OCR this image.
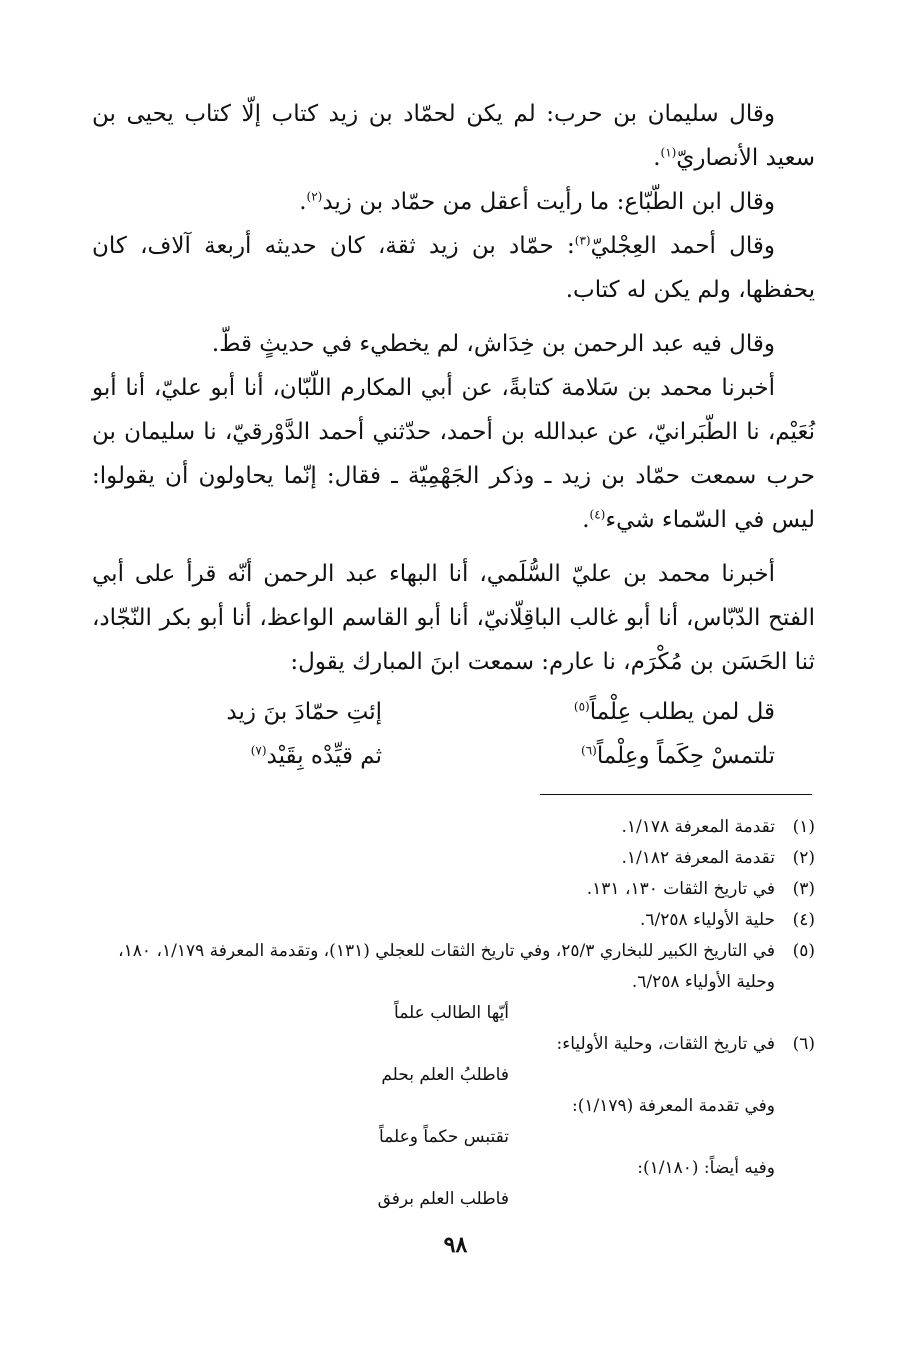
وقال سليمان بن حرب: لم يكن لحمّاد بن زيد كتاب إلّا كتاب يحيى بن سعيد الأنصاريّ$^{(١)}$.

وقال ابن الطّبّاع: ما رأيت أعقل من حمّاد بن زيد$^{(٢)}$.

وقال أحمد العِجْليّ$^{(٣)}$: حمّاد بن زيد ثقة، كان حديثه أربعة آلاف، كان يحفظها، ولم يكن له كتاب.

وقال فيه عبد الرحمن بن خِدَاش، لم يخطيء في حديثٍ قطّ.

أخبرنا محمد بن سَلامة كتابةً، عن أبي المكارم اللّبّان، أنا أبو عليّ، أنا أبو نُعَيْم، نا الطّبَرانيّ، عن عبدالله بن أحمد، حدّثني أحمد الدَّوْرقيّ، نا سليمان بن حرب سمعت حمّاد بن زيد ـ وذكر الجَهْمِيّة ـ فقال: إنّما يحاولون أن يقولوا: ليس في السّماء شيء$^{(٤)}$.

أخبرنا محمد بن عليّ السُّلَمي، أنا البهاء عبد الرحمن أنّه قرأ على أبي الفتح الدّبّاس، أنا أبو غالب الباقِلّانيّ، أنا أبو القاسم الواعظ، أنا أبو بكر النّجّاد، ثنا الحَسَن بن مُكْرَم، نا عارم: سمعت ابنَ المبارك يقول:

قل لمن يطلب عِلْماً$^{(٥)}$
إئتِ حمّادَ بنَ زيد
تلتمسْ حِكَماً وعِلْماً$^{(٦)}$
ثم قيِّدْه بِقَيْد$^{(٧)}$
(١)
تقدمة المعرفة ١/١٧٨.
(٢)
تقدمة المعرفة ١/١٨٢.
(٣)
في تاريخ الثقات ١٣٠، ١٣١.
(٤)
حلية الأولياء ٦/٢٥٨.
(٥)
في التاريخ الكبير للبخاري ٢٥/٣، وفي تاريخ الثقات للعجلي (١٣١)، وتقدمة المعرفة ١/١٧٩، ١٨٠، وحلية الأولياء ٦/٢٥٨.
أيّها الطالب علماً
(٦)
في تاريخ الثقات، وحلية الأولياء:
فاطلبُ العلم بحلم
وفي تقدمة المعرفة (١/١٧٩):
تقتبس حكماً وعلماً
وفيه أيضاً: (١/١٨٠):
فاطلب العلم برفق
٩٨
